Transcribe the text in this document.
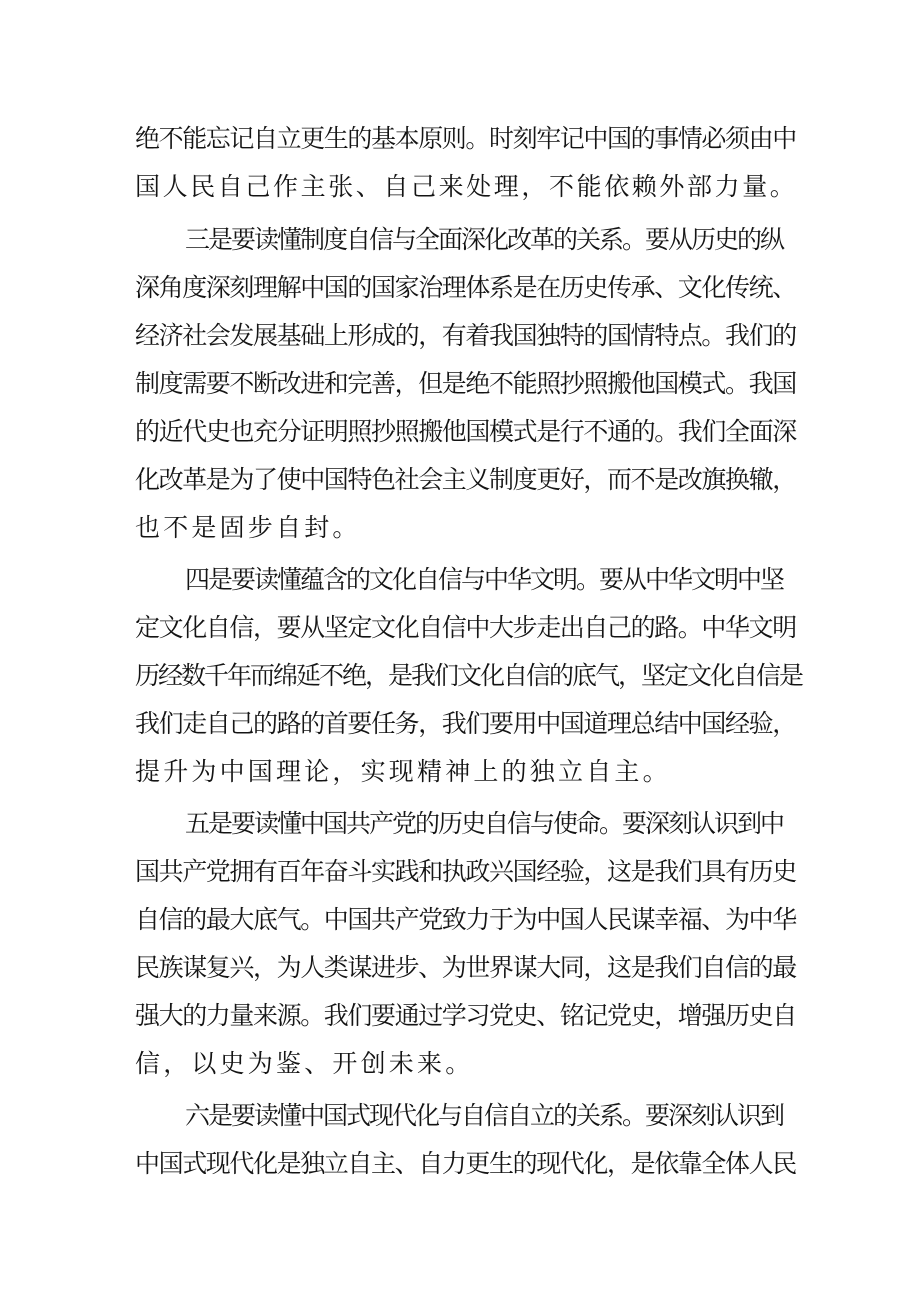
绝不能忘记自立更生的基本原则。时刻牢记中国的事情必须由中
国人民自己作主张、自己来处理，不能依赖外部力量。
三是要读懂制度自信与全面深化改革的关系。要从历史的纵
深角度深刻理解中国的国家治理体系是在历史传承、文化传统、
经济社会发展基础上形成的，有着我国独特的国情特点。我们的
制度需要不断改进和完善，但是绝不能照抄照搬他国模式。我国
的近代史也充分证明照抄照搬他国模式是行不通的。我们全面深
化改革是为了使中国特色社会主义制度更好，而不是改旗换辙，
也不是固步自封。
四是要读懂蕴含的文化自信与中华文明。要从中华文明中坚
定文化自信，要从坚定文化自信中大步走出自己的路。中华文明
历经数千年而绵延不绝，是我们文化自信的底气，坚定文化自信是
我们走自己的路的首要任务，我们要用中国道理总结中国经验，
提升为中国理论，实现精神上的独立自主。
五是要读懂中国共产党的历史自信与使命。要深刻认识到中
国共产党拥有百年奋斗实践和执政兴国经验，这是我们具有历史
自信的最大底气。中国共产党致力于为中国人民谋幸福、为中华
民族谋复兴，为人类谋进步、为世界谋大同，这是我们自信的最
强大的力量来源。我们要通过学习党史、铭记党史，增强历史自
信，以史为鉴、开创未来。
六是要读懂中国式现代化与自信自立的关系。要深刻认识到
中国式现代化是独立自主、自力更生的现代化，是依靠全体人民
